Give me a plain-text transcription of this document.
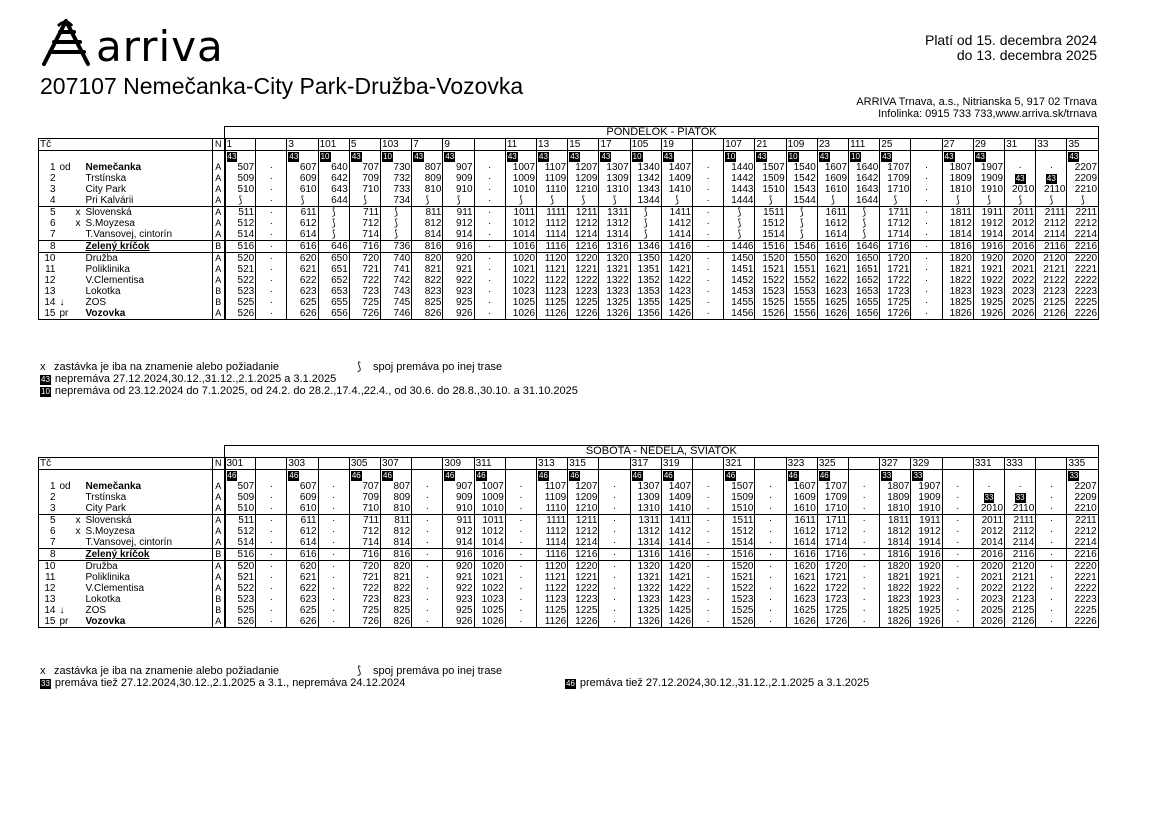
arriva
207107 Nemečanka-City Park-Družba-Vozovka
Platí od 15. decembra 2024
do 13. decembra 2025
ARRIVA Trnava, a.s., Nitrianska 5, 917 02 Trnava
Infolinka: 0915 733 733,www.arriva.sk/trnava
				PONDELOK - PIATOK																											
Tč			N	1		3	101	5	103	7	9		11	13	15	17	105	19		107	21	109	23	111	25		27	29	31	33	35
				43		43	10	43	10	43	43		43	43	43	43	10	43		10	43	10	43	10	43		43	43			43
1	od	Nemečanka	A	507	·	607	640	707	730	807	907	·	1007	1107	1207	1307	1340	1407	·	1440	1507	1540	1607	1640	1707	·	1807	1907	·	·	2207
2		Trstínska	A	509	·	609	642	709	732	809	909	·	1009	1109	1209	1309	1342	1409	·	1442	1509	1542	1609	1642	1709	·	1809	1909	43	43	2209
3		City Park	A	510	·	610	643	710	733	810	910	·	1010	1110	1210	1310	1343	1410	·	1443	1510	1543	1610	1643	1710	·	1810	1910	2010	2110	2210
4		Pri Kalvárii	A	⟆	·	⟆	644	⟆	734	⟆	⟆	·	⟆	⟆	⟆	⟆	1344	⟆	·	1444	⟆	1544	⟆	1644	⟆	·	⟆	⟆	⟆	⟆	⟆
5		x Slovenská	A	511	·	611	⟆	711	⟆	811	911	·	1011	1111	1211	1311	⟆	1411	·	⟆	1511	⟆	1611	⟆	1711	·	1811	1911	2011	2111	2211
6		x S.Moyzesa	A	512	·	612	⟆	712	⟆	812	912	·	1012	1112	1212	1312	⟆	1412	·	⟆	1512	⟆	1612	⟆	1712	·	1812	1912	2012	2112	2212
7		T.Vansovej, cintorín	A	514	·	614	⟆	714	⟆	814	914	·	1014	1114	1214	1314	⟆	1414	·	⟆	1514	⟆	1614	⟆	1714	·	1814	1914	2014	2114	2214
8		Zelený kríčok	B	516	·	616	646	716	736	816	916	·	1016	1116	1216	1316	1346	1416	·	1446	1516	1546	1616	1646	1716	·	1816	1916	2016	2116	2216
10		Družba	A	520	·	620	650	720	740	820	920	·	1020	1120	1220	1320	1350	1420	·	1450	1520	1550	1620	1650	1720	·	1820	1920	2020	2120	2220
11		Poliklinika	A	521	·	621	651	721	741	821	921	·	1021	1121	1221	1321	1351	1421	·	1451	1521	1551	1621	1651	1721	·	1821	1921	2021	2121	2221
12		V.Clementisa	A	522	·	622	652	722	742	822	922	·	1022	1122	1222	1322	1352	1422	·	1452	1522	1552	1622	1652	1722	·	1822	1922	2022	2122	2222
13		Lokotka	B	523	·	623	653	723	743	823	923	·	1023	1123	1223	1323	1353	1423	·	1453	1523	1553	1623	1653	1723	·	1823	1923	2023	2123	2223
14	↓	ŽOS	B	525	·	625	655	725	745	825	925	·	1025	1125	1225	1325	1355	1425	·	1455	1525	1555	1625	1655	1725	·	1825	1925	2025	2125	2225
15	pr	Vozovka	A	526	·	626	656	726	746	826	926	·	1026	1126	1226	1326	1356	1426	·	1456	1526	1556	1626	1656	1726	·	1826	1926	2026	2126	2226
x zastávka je iba na znamenie alebo požiadanie	⟆ spoj premáva po inej trase
43 nepremáva 27.12.2024,30.12.,31.12.,2.1.2025 a 3.1.2025
10 nepremáva od 23.12.2024 do 7.1.2025, od 24.2. do 28.2.,17.4.,22.4., od 30.6. do 28.8.,30.10. a 31.10.2025
				SOBOTA - NEDELA, SVIATOK																											
Tč			N	301		303		305	307		309	311		313	315		317	319		321		323	325		327	329		331	333		335
				46		46		46	46		46	46		46	46		46	46		46		46	46		33	33					33
1	od	Nemečanka	A	507	·	607	·	707	807	·	907	1007	·	1107	1207	·	1307	1407	·	1507	·	1607	1707	·	1807	1907	·	·	·	·	2207
2		Trstínska	A	509	·	609	·	709	809	·	909	1009	·	1109	1209	·	1309	1409	·	1509	·	1609	1709	·	1809	1909	·	33	33	·	2209
3		City Park	A	510	·	610	·	710	810	·	910	1010	·	1110	1210	·	1310	1410	·	1510	·	1610	1710	·	1810	1910	·	2010	2110	·	2210
5		x Slovenská	A	511	·	611	·	711	811	·	911	1011	·	1111	1211	·	1311	1411	·	1511	·	1611	1711	·	1811	1911	·	2011	2111	·	2211
6		x S.Moyzesa	A	512	·	612	·	712	812	·	912	1012	·	1112	1212	·	1312	1412	·	1512	·	1612	1712	·	1812	1912	·	2012	2112	·	2212
7		T.Vansovej, cintorín	A	514	·	614	·	714	814	·	914	1014	·	1114	1214	·	1314	1414	·	1514	·	1614	1714	·	1814	1914	·	2014	2114	·	2214
8		Zelený kríčok	B	516	·	616	·	716	816	·	916	1016	·	1116	1216	·	1316	1416	·	1516	·	1616	1716	·	1816	1916	·	2016	2116	·	2216
10		Družba	A	520	·	620	·	720	820	·	920	1020	·	1120	1220	·	1320	1420	·	1520	·	1620	1720	·	1820	1920	·	2020	2120	·	2220
11		Poliklinika	A	521	·	621	·	721	821	·	921	1021	·	1121	1221	·	1321	1421	·	1521	·	1621	1721	·	1821	1921	·	2021	2121	·	2221
12		V.Clementisa	A	522	·	622	·	722	822	·	922	1022	·	1122	1222	·	1322	1422	·	1522	·	1622	1722	·	1822	1922	·	2022	2122	·	2222
13		Lokotka	B	523	·	623	·	723	823	·	923	1023	·	1123	1223	·	1323	1423	·	1523	·	1623	1723	·	1823	1923	·	2023	2123	·	2223
14	↓	ŽOS	B	525	·	625	·	725	825	·	925	1025	·	1125	1225	·	1325	1425	·	1525	·	1625	1725	·	1825	1925	·	2025	2125	·	2225
15	pr	Vozovka	A	526	·	626	·	726	826	·	926	1026	·	1126	1226	·	1326	1426	·	1526	·	1626	1726	·	1826	1926	·	2026	2126	·	2226
x zastávka je iba na znamenie alebo požiadanie	⟆ spoj premáva po inej trase
33 premáva tiež 27.12.2024,30.12.,2.1.2025 a 3.1., nepremáva 24.12.2024	46 premáva tiež 27.12.2024,30.12.,31.12.,2.1.2025 a 3.1.2025
